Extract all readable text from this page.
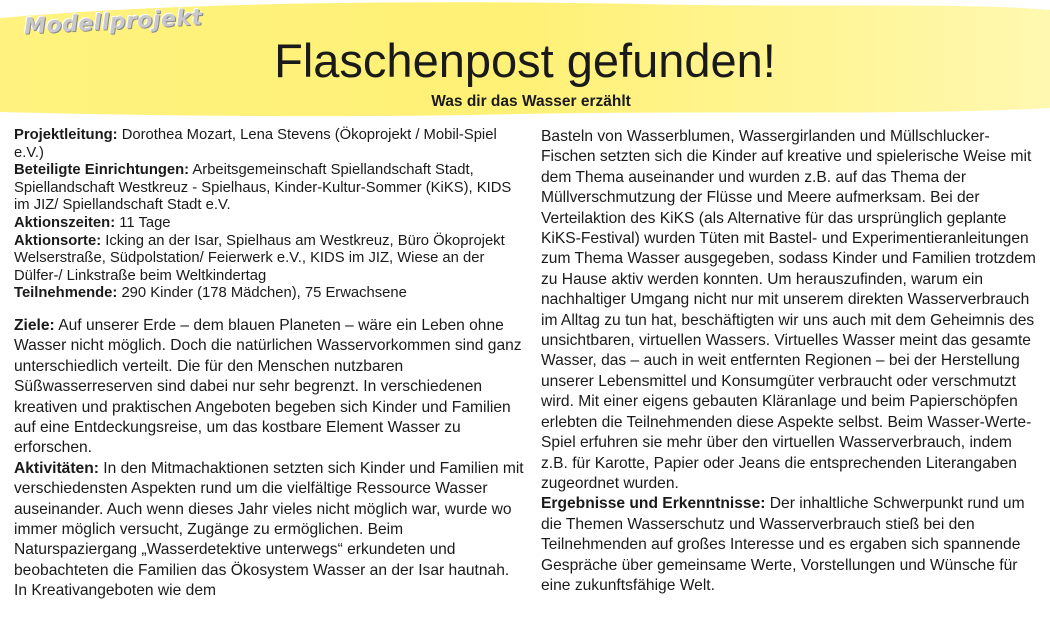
Modellprojekt
Flaschenpost gefunden!
Was dir das Wasser erzählt
Projektleitung: Dorothea Mozart, Lena Stevens (Ökoprojekt / Mobil-Spiel e.V.)
Beteiligte Einrichtungen: Arbeitsgemeinschaft Spiellandschaft Stadt, Spiellandschaft Westkreuz - Spielhaus, Kinder-Kultur-Sommer (KiKS), KIDS im JIZ/ Spiellandschaft Stadt e.V.
Aktionszeiten: 11 Tage
Aktionsorte: Icking an der Isar, Spielhaus am Westkreuz, Büro Ökoprojekt Welserstraße, Südpolstation/ Feierwerk e.V., KIDS im JIZ, Wiese an der Dülfer-/ Linkstraße beim Weltkindertag
Teilnehmende: 290 Kinder (178 Mädchen), 75 Erwachsene

Ziele: Auf unserer Erde – dem blauen Planeten – wäre ein Leben ohne Wasser nicht möglich. Doch die natürlichen Wasservorkommen sind ganz unterschiedlich verteilt. Die für den Menschen nutzbaren Süßwasserreserven sind dabei nur sehr begrenzt. In verschiedenen kreativen und praktischen Angeboten begeben sich Kinder und Familien auf eine Entdeckungsreise, um das kostbare Element Wasser zu erforschen.

Aktivitäten: In den Mitmachaktionen setzten sich Kinder und Familien mit verschiedensten Aspekten rund um die vielfältige Ressource Wasser auseinander. Auch wenn dieses Jahr vieles nicht möglich war, wurde wo immer möglich versucht, Zugänge zu ermöglichen. Beim Naturspaziergang „Wasserdetektive unterwegs“ erkundeten und beobachteten die Familien das Ökosystem Wasser an der Isar hautnah. In Kreativangeboten wie dem

Basteln von Wasserblumen, Wassergirlanden und Müllschlucker-Fischen setzten sich die Kinder auf kreative und spielerische Weise mit dem Thema auseinander und wurden z.B. auf das Thema der Müllverschmutzung der Flüsse und Meere aufmerksam. Bei der Verteilaktion des KiKS (als Alternative für das ursprünglich geplante KiKS-Festival) wurden Tüten mit Bastel- und Experimentieranleitungen zum Thema Wasser ausgegeben, sodass Kinder und Familien trotzdem zu Hause aktiv werden konnten. Um herauszufinden, warum ein nachhaltiger Umgang nicht nur mit unserem direkten Wasserverbrauch im Alltag zu tun hat, beschäftigten wir uns auch mit dem Geheimnis des unsichtbaren, virtuellen Wassers. Virtuelles Wasser meint das gesamte Wasser, das – auch in weit entfernten Regionen – bei der Herstellung unserer Lebensmittel und Konsumgüter verbraucht oder verschmutzt wird. Mit einer eigens gebauten Kläranlage und beim Papierschöpfen erlebten die Teilnehmenden diese Aspekte selbst. Beim Wasser-Werte-Spiel erfuhren sie mehr über den virtuellen Wasserverbrauch, indem z.B. für Karotte, Papier oder Jeans die entsprechenden Literangaben zugeordnet wurden.

Ergebnisse und Erkenntnisse: Der inhaltliche Schwerpunkt rund um die Themen Wasserschutz und Wasserverbrauch stieß bei den Teilnehmenden auf großes Interesse und es ergaben sich spannende Gespräche über gemeinsame Werte, Vorstellungen und Wünsche für eine zukunftsfähige Welt.
